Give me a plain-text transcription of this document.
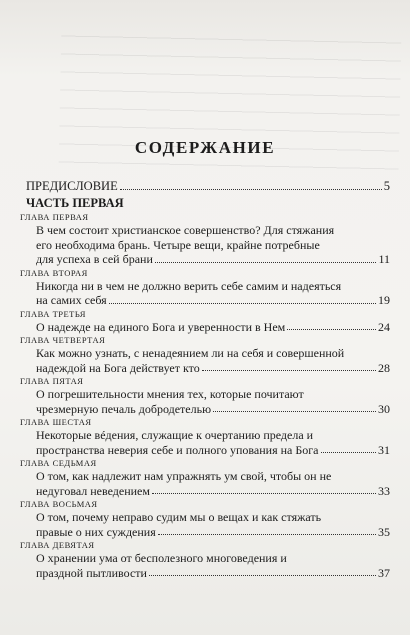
СОДЕРЖАНИЕ
ПРЕДИСЛОВИЕ	5
ЧАСТЬ ПЕРВАЯ
ГЛАВА ПЕРВАЯ
В чем состоит христианское совершенство? Для стяжания
его необходима брань. Четыре вещи, крайне потребные
для успеха в сей брани	11
ГЛАВА ВТОРАЯ
Никогда ни в чем не должно верить себе самим и надеяться
на самих себя	19
ГЛАВА ТРЕТЬЯ
О надежде на единого Бога и уверенности в Нем	24
ГЛАВА ЧЕТВЕРТАЯ
Как можно узнать, с ненадеянием ли на себя и совершенной
надеждой на Бога действует кто	28
ГЛАВА ПЯТАЯ
О погрешительности мнения тех, которые почитают
чрезмерную печаль добродетелью	30
ГЛАВА ШЕСТАЯ
Некоторые вéдения, служащие к очертанию предела и
пространства неверия себе и полного упования на Бога	31
ГЛАВА СЕДЬМАЯ
О том, как надлежит нам упражнять ум свой, чтобы он не
недуговал неведением	33
ГЛАВА ВОСЬМАЯ
О том, почему неправо судим мы о вещах и как стяжать
правые о них суждения	35
ГЛАВА ДЕВЯТАЯ
О хранении ума от бесполезного многоведения и
праздной пытливости	37
